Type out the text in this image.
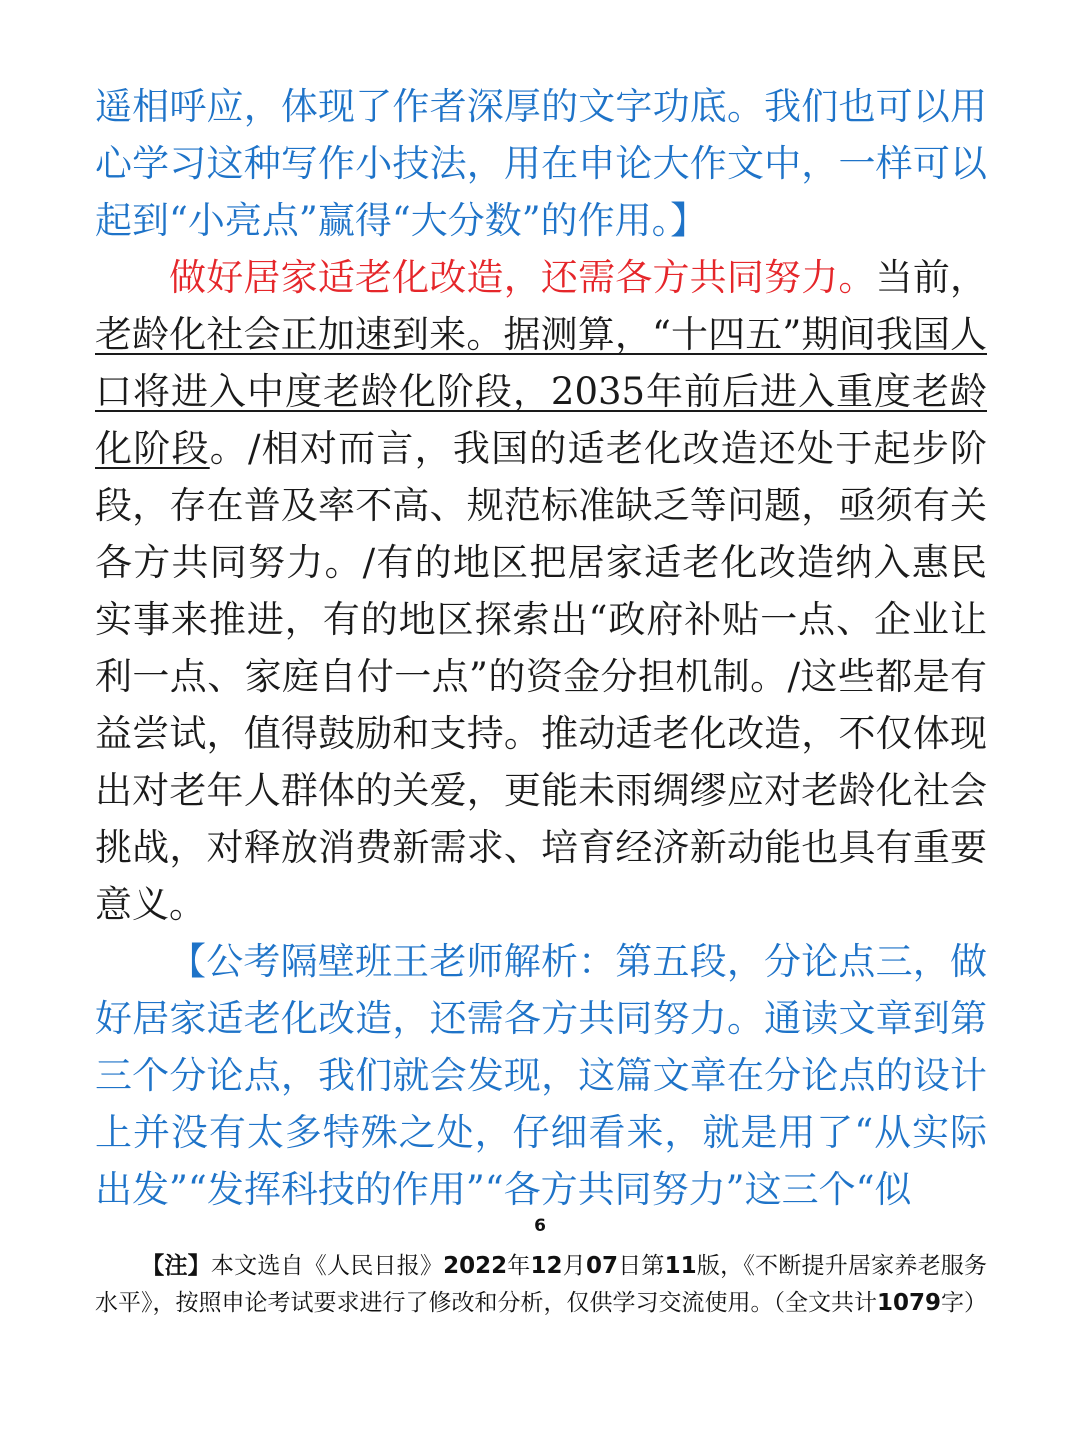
遥相呼应，体现了作者深厚的文字功底。我们也可以用心学习这种写作小技法，用在申论大作文中，一样可以起到“小亮点”赢得“大分数”的作用。】

做好居家适老化改造，还需各方共同努力。当前，老龄化社会正加速到来。据测算，“十四五”期间我国人口将进入中度老龄化阶段，2035年前后进入重度老龄化阶段。/相对而言，我国的适老化改造还处于起步阶段，存在普及率不高、规范标准缺乏等问题，亟须有关各方共同努力。/有的地区把居家适老化改造纳入惠民实事来推进，有的地区探索出“政府补贴一点、企业让利一点、家庭自付一点”的资金分担机制。/这些都是有益尝试，值得鼓励和支持。推动适老化改造，不仅体现出对老年人群体的关爱，更能未雨绸缪应对老龄化社会挑战，对释放消费新需求、培育经济新动能也具有重要意义。

【公考隔壁班王老师解析：第五段，分论点三，做好居家适老化改造，还需各方共同努力。通读文章到第三个分论点，我们就会发现，这篇文章在分论点的设计上并没有太多特殊之处，仔细看来，就是用了“从实际出发”“发挥科技的作用”“各方共同努力”这三个“似

6

【注】本文选自《人民日报》2022年12月07日第11版，《不断提升居家养老服务水平》，按照申论考试要求进行了修改和分析，仅供学习交流使用。（全文共计1079字）
